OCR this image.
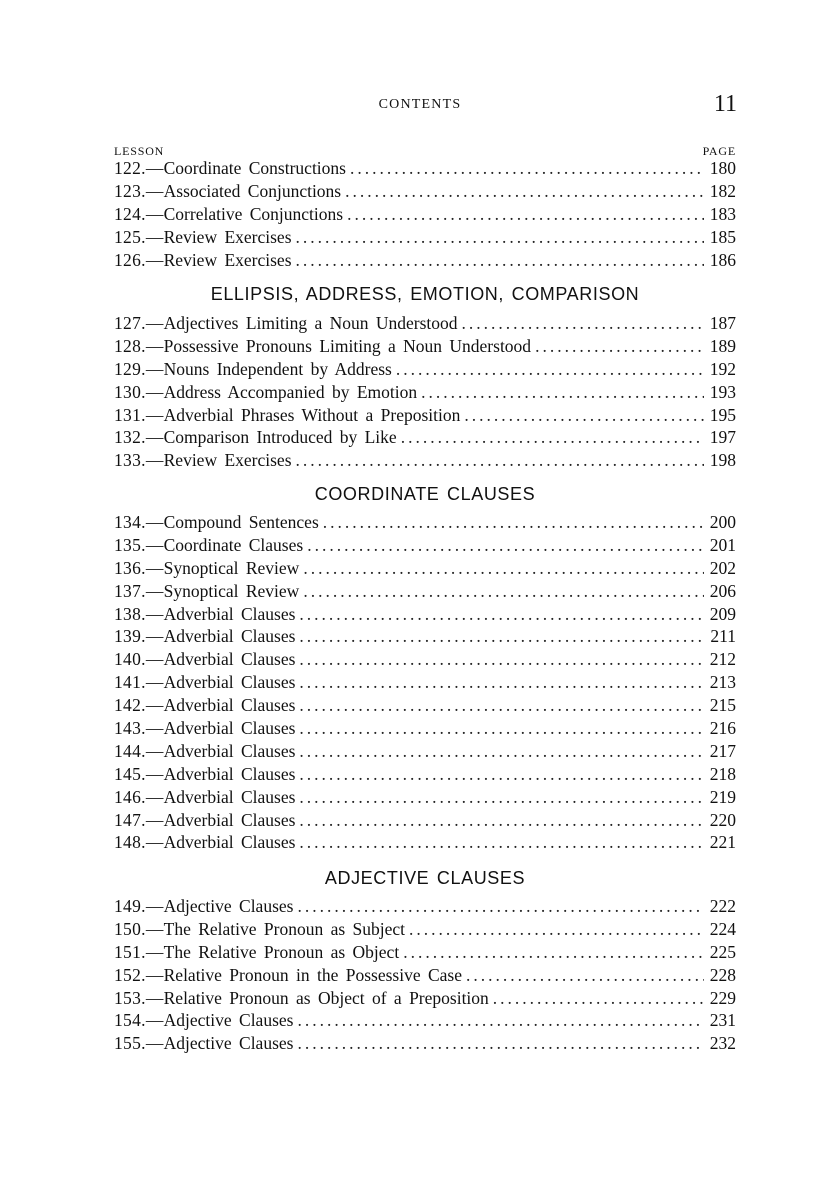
CONTENTS	11
LESSON	PAGE
122.— Coordinate Constructions .....	180
123.— Associated Conjunctions .....	182
124.— Correlative Conjunctions .....	183
125.— Review Exercises .....	185
126.— Review Exercises .....	186
ELLIPSIS, ADDRESS, EMOTION, COMPARISON
127.— Adjectives Limiting a Noun Understood .....	187
128.— Possessive Pronouns Limiting a Noun Understood .....	189
129.— Nouns Independent by Address .....	192
130.— Address Accompanied by Emotion .....	193
131.— Adverbial Phrases Without a Preposition .....	195
132.— Comparison Introduced by Like .....	197
133.— Review Exercises .....	198
COORDINATE CLAUSES
134.— Compound Sentences .....	200
135.— Coordinate Clauses .....	201
136.— Synoptical Review .....	202
137.— Synoptical Review .....	206
138.— Adverbial Clauses .....	209
139.— Adverbial Clauses .....	211
140.— Adverbial Clauses .....	212
141.— Adverbial Clauses .....	213
142.— Adverbial Clauses .....	215
143.— Adverbial Clauses .....	216
144.— Adverbial Clauses .....	217
145.— Adverbial Clauses .....	218
146.— Adverbial Clauses .....	219
147.— Adverbial Clauses .....	220
148.— Adverbial Clauses .....	221
ADJECTIVE CLAUSES
149.— Adjective Clauses .....	222
150.— The Relative Pronoun as Subject .....	224
151.— The Relative Pronoun as Object .....	225
152.— Relative Pronoun in the Possessive Case .....	228
153.— Relative Pronoun as Object of a Preposition .....	229
154.— Adjective Clauses .....	231
155.— Adjective Clauses .....	232
